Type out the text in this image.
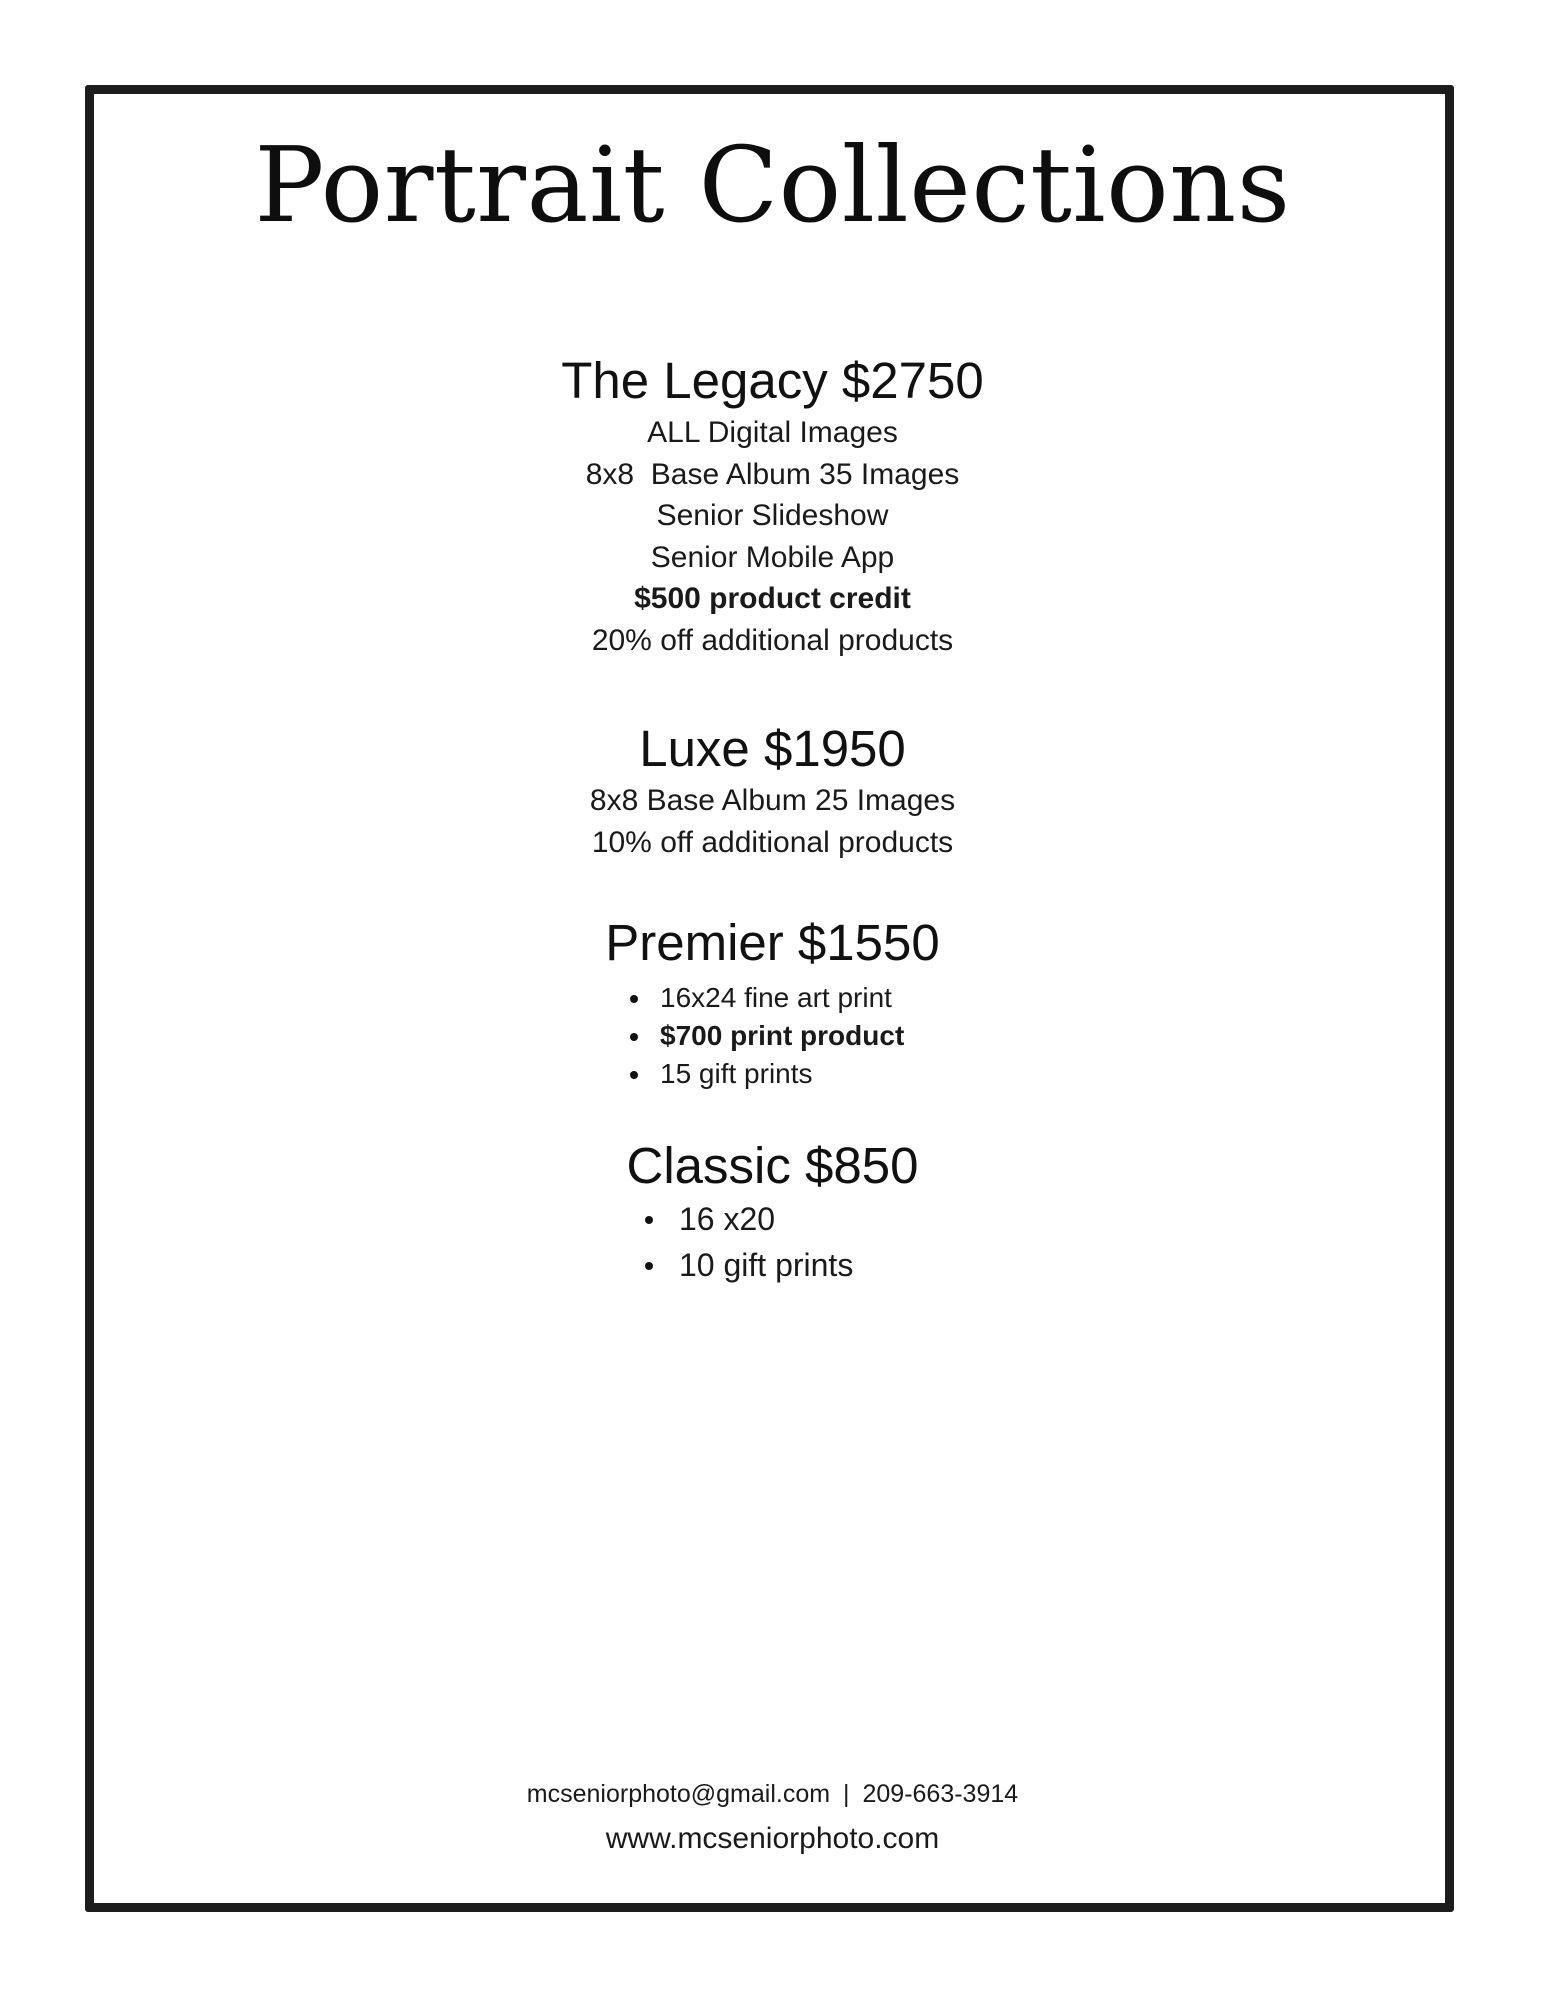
Portrait Collections
The Legacy $2750
ALL Digital Images
8x8  Base Album 35 Images
Senior Slideshow
Senior Mobile App
$500 product credit
20% off additional products
Luxe $1950
8x8 Base Album 25 Images
10% off additional products
Premier $1550
16x24 fine art print
$700 print product
15 gift prints
Classic $850
16 x20
10 gift prints
mcseniorphoto@gmail.com | 209-663-3914
www.mcseniorphoto.com
